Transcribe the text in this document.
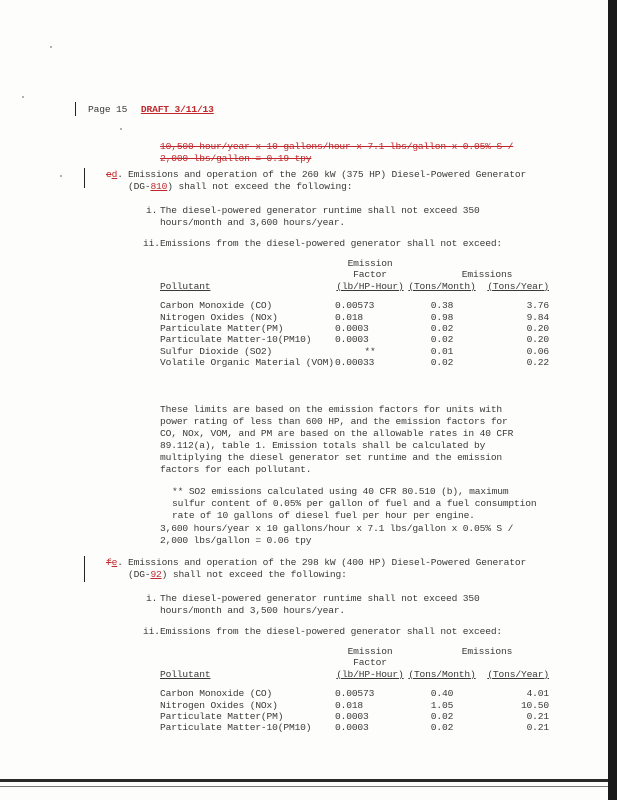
Page 15 DRAFT 3/11/13
10,500 hour/year x 10 gallons/hour x 7.1 lbs/gallon x 0.05% S /
2,000 lbs/gallon = 0.19 tpy
ed. Emissions and operation of the 260 kW (375 HP) Diesel-Powered Generator
(DG-810) shall not exceed the following:
i. The diesel-powered generator runtime shall not exceed 350
hours/month and 3,600 hours/year.
ii. Emissions from the diesel-powered generator shall not exceed:
	Emission		
	Factor	Emissions	
Pollutant	(lb/HP-Hour)	(Tons/Month)	(Tons/Year)

Carbon Monoxide (CO)	0.00573	0.38	3.76
Nitrogen Oxides (NOx)	0.018	0.98	9.84
Particulate Matter(PM)	0.0003	0.02	0.20
Particulate Matter-10(PM10)	0.0003	0.02	0.20
Sulfur Dioxide (SO2)	**	0.01	0.06
Volatile Organic Material (VOM)	0.00033	0.02	0.22
These limits are based on the emission factors for units with
power rating of less than 600 HP, and the emission factors for
CO, NOx, VOM, and PM are based on the allowable rates in 40 CFR
89.112(a), table 1. Emission totals shall be calculated by
multiplying the diesel generator set runtime and the emission
factors for each pollutant.
** SO2 emissions calculated using 40 CFR 80.510 (b), maximum
sulfur content of 0.05% per gallon of fuel and a fuel consumption
rate of 10 gallons of diesel fuel per hour per engine.
3,600 hours/year x 10 gallons/hour x 7.1 lbs/gallon x 0.05% S /
2,000 lbs/gallon = 0.06 tpy
fe. Emissions and operation of the 298 kW (400 HP) Diesel-Powered Generator
(DG-92) shall not exceed the following:
i. The diesel-powered generator runtime shall not exceed 350
hours/month and 3,500 hours/year.
ii. Emissions from the diesel-powered generator shall not exceed:
	Emission	Emissions	
	Factor		
Pollutant	(lb/HP-Hour)	(Tons/Month)	(Tons/Year)

Carbon Monoxide (CO)	0.00573	0.40	4.01
Nitrogen Oxides (NOx)	0.018	1.05	10.50
Particulate Matter(PM)	0.0003	0.02	0.21
Particulate Matter-10(PM10)	0.0003	0.02	0.21
